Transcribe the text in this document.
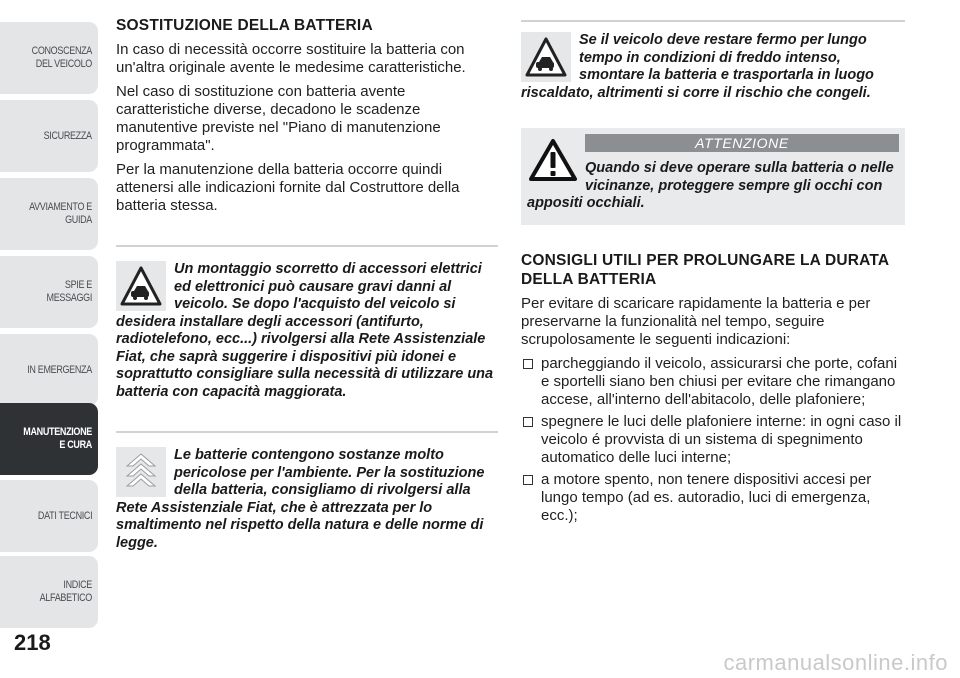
CONOSCENZA DEL VEICOLO
SICUREZZA
AVVIAMENTO E GUIDA
SPIE E MESSAGGI
IN EMERGENZA
MANUTENZIONE E CURA
DATI TECNICI
INDICE ALFABETICO
218
carmanualsonline.info
SOSTITUZIONE DELLA BATTERIA

In caso di necessità occorre sostituire la batteria con un'altra originale avente le medesime caratteristiche.

Nel caso di sostituzione con batteria avente caratteristiche diverse, decadono le scadenze manutentive previste nel "Piano di manutenzione programmata".

Per la manutenzione della batteria occorre quindi attenersi alle indicazioni fornite dal Costruttore della batteria stessa.

Un montaggio scorretto di accessori elettrici ed elettronici può causare gravi danni al veicolo. Se dopo l'acquisto del veicolo si desidera installare degli accessori (antifurto, radiotelefono, ecc...) rivolgersi alla Rete Assistenziale Fiat, che saprà suggerire i dispositivi più idonei e soprattutto consigliare sulla necessità di utilizzare una batteria con capacità maggiorata.

Le batterie contengono sostanze molto pericolose per l'ambiente. Per la sostituzione della batteria, consigliamo di rivolgersi alla Rete Assistenziale Fiat, che è attrezzata per lo smaltimento nel rispetto della natura e delle norme di legge.

Se il veicolo deve restare fermo per lungo tempo in condizioni di freddo intenso, smontare la batteria e trasportarla in luogo riscaldato, altrimenti si corre il rischio che congeli.

ATTENZIONE

Quando si deve operare sulla batteria o nelle vicinanze, proteggere sempre gli occhi con appositi occhiali.

CONSIGLI UTILI PER PROLUNGARE LA DURATA DELLA BATTERIA

Per evitare di scaricare rapidamente la batteria e per preservarne la funzionalità nel tempo, seguire scrupolosamente le seguenti indicazioni:

parcheggiando il veicolo, assicurarsi che porte, cofani e sportelli siano ben chiusi per evitare che rimangano accese, all'interno dell'abitacolo, delle plafoniere;
spegnere le luci delle plafoniere interne: in ogni caso il veicolo é provvista di un sistema di spegnimento automatico delle luci interne;
a motore spento, non tenere dispositivi accesi per lungo tempo (ad es. autoradio, luci di emergenza, ecc.);
